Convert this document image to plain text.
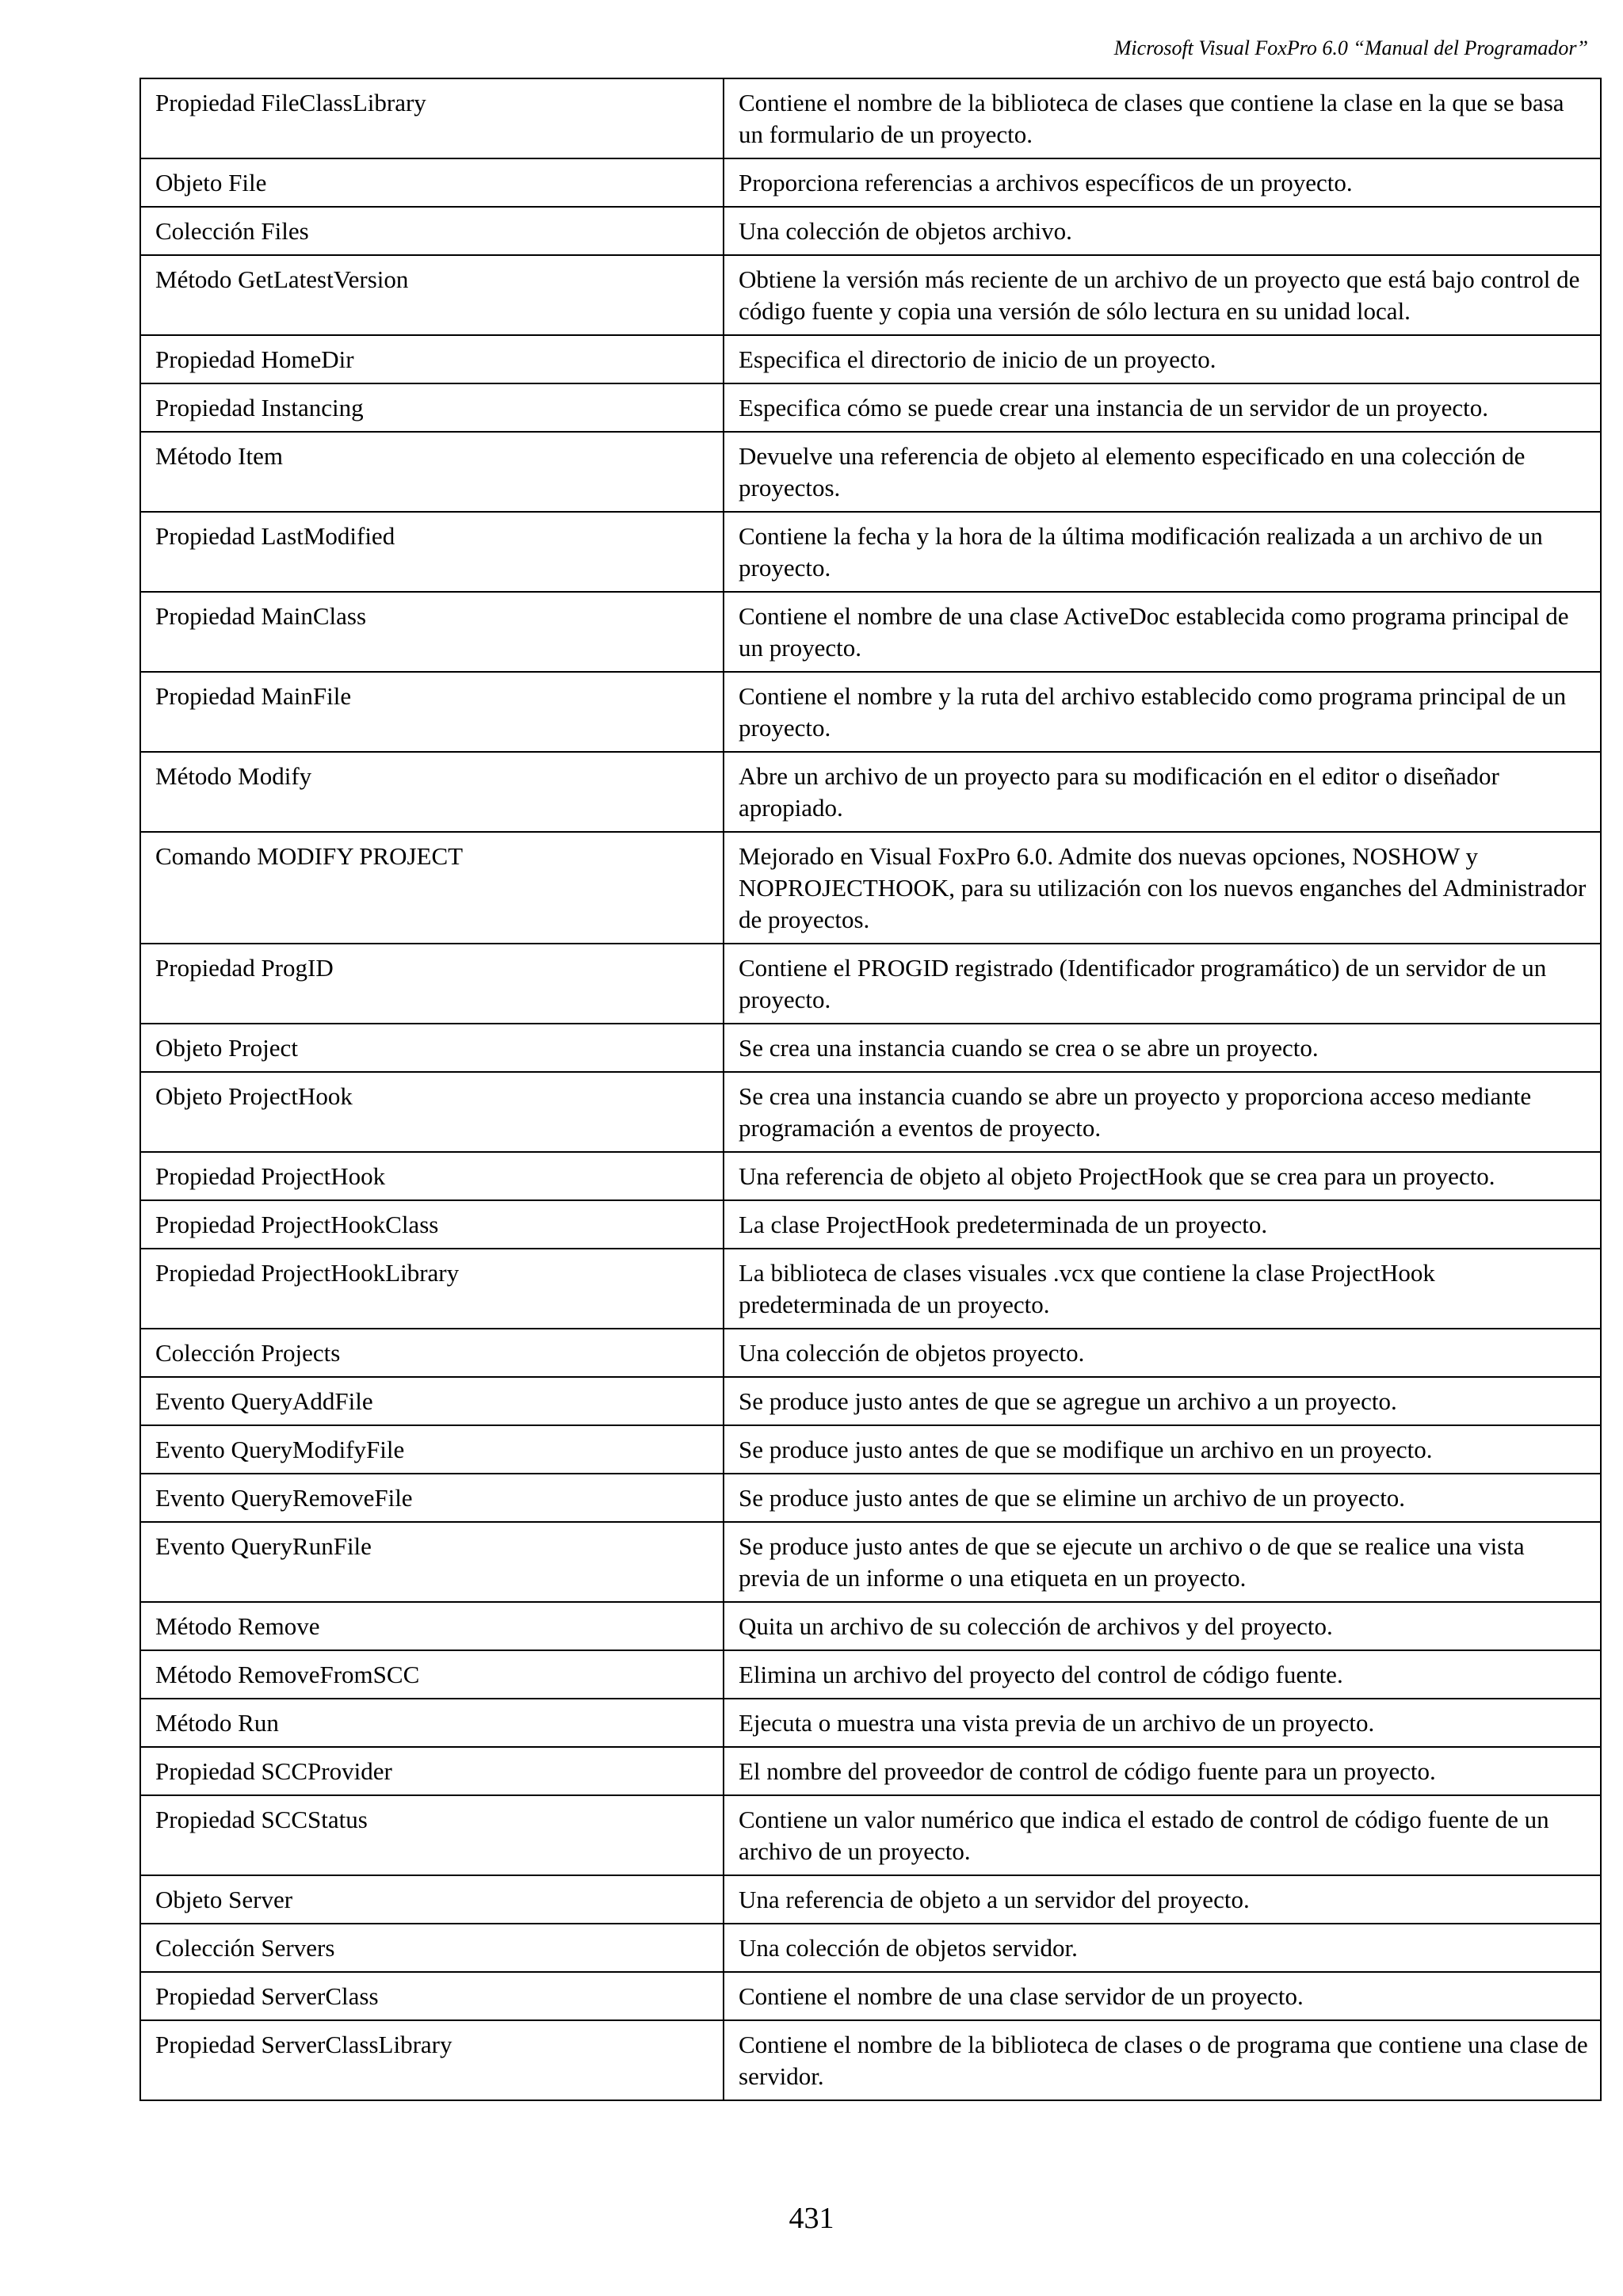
Microsoft Visual FoxPro 6.0 “Manual del Programador”
Propiedad FileClassLibrary	Contiene el nombre de la biblioteca de clases que contiene la clase en la que se basa un formulario de un proyecto.
Objeto File	Proporciona referencias a archivos específicos de un proyecto.
Colección Files	Una colección de objetos archivo.
Método GetLatestVersion	Obtiene la versión más reciente de un archivo de un proyecto que está bajo control de código fuente y copia una versión de sólo lectura en su unidad local.
Propiedad HomeDir	Especifica el directorio de inicio de un proyecto.
Propiedad Instancing	Especifica cómo se puede crear una instancia de un servidor de un proyecto.
Método Item	Devuelve una referencia de objeto al elemento especificado en una colección de proyectos.
Propiedad LastModified	Contiene la fecha y la hora de la última modificación realizada a un archivo de un proyecto.
Propiedad MainClass	Contiene el nombre de una clase ActiveDoc establecida como programa principal de un proyecto.
Propiedad MainFile	Contiene el nombre y la ruta del archivo establecido como programa principal de un proyecto.
Método Modify	Abre un archivo de un proyecto para su modificación en el editor o diseñador apropiado.
Comando MODIFY PROJECT	Mejorado en Visual FoxPro 6.0. Admite dos nuevas opciones, NOSHOW y NOPROJECTHOOK, para su utilización con los nuevos enganches del Administrador de proyectos.
Propiedad ProgID	Contiene el PROGID registrado (Identificador programático) de un servidor de un proyecto.
Objeto Project	Se crea una instancia cuando se crea o se abre un proyecto.
Objeto ProjectHook	Se crea una instancia cuando se abre un proyecto y proporciona acceso mediante programación a eventos de proyecto.
Propiedad ProjectHook	Una referencia de objeto al objeto ProjectHook que se crea para un proyecto.
Propiedad ProjectHookClass	La clase ProjectHook predeterminada de un proyecto.
Propiedad ProjectHookLibrary	La biblioteca de clases visuales .vcx que contiene la clase ProjectHook predeterminada de un proyecto.
Colección Projects	Una colección de objetos proyecto.
Evento QueryAddFile	Se produce justo antes de que se agregue un archivo a un proyecto.
Evento QueryModifyFile	Se produce justo antes de que se modifique un archivo en un proyecto.
Evento QueryRemoveFile	Se produce justo antes de que se elimine un archivo de un proyecto.
Evento QueryRunFile	Se produce justo antes de que se ejecute un archivo o de que se realice una vista previa de un informe o una etiqueta en un proyecto.
Método Remove	Quita un archivo de su colección de archivos y del proyecto.
Método RemoveFromSCC	Elimina un archivo del proyecto del control de código fuente.
Método Run	Ejecuta o muestra una vista previa de un archivo de un proyecto.
Propiedad SCCProvider	El nombre del proveedor de control de código fuente para un proyecto.
Propiedad SCCStatus	Contiene un valor numérico que indica el estado de control de código fuente de un archivo de un proyecto.
Objeto Server	Una referencia de objeto a un servidor del proyecto.
Colección Servers	Una colección de objetos servidor.
Propiedad ServerClass	Contiene el nombre de una clase servidor de un proyecto.
Propiedad ServerClassLibrary	Contiene el nombre de la biblioteca de clases o de programa que contiene una clase de servidor.
431
